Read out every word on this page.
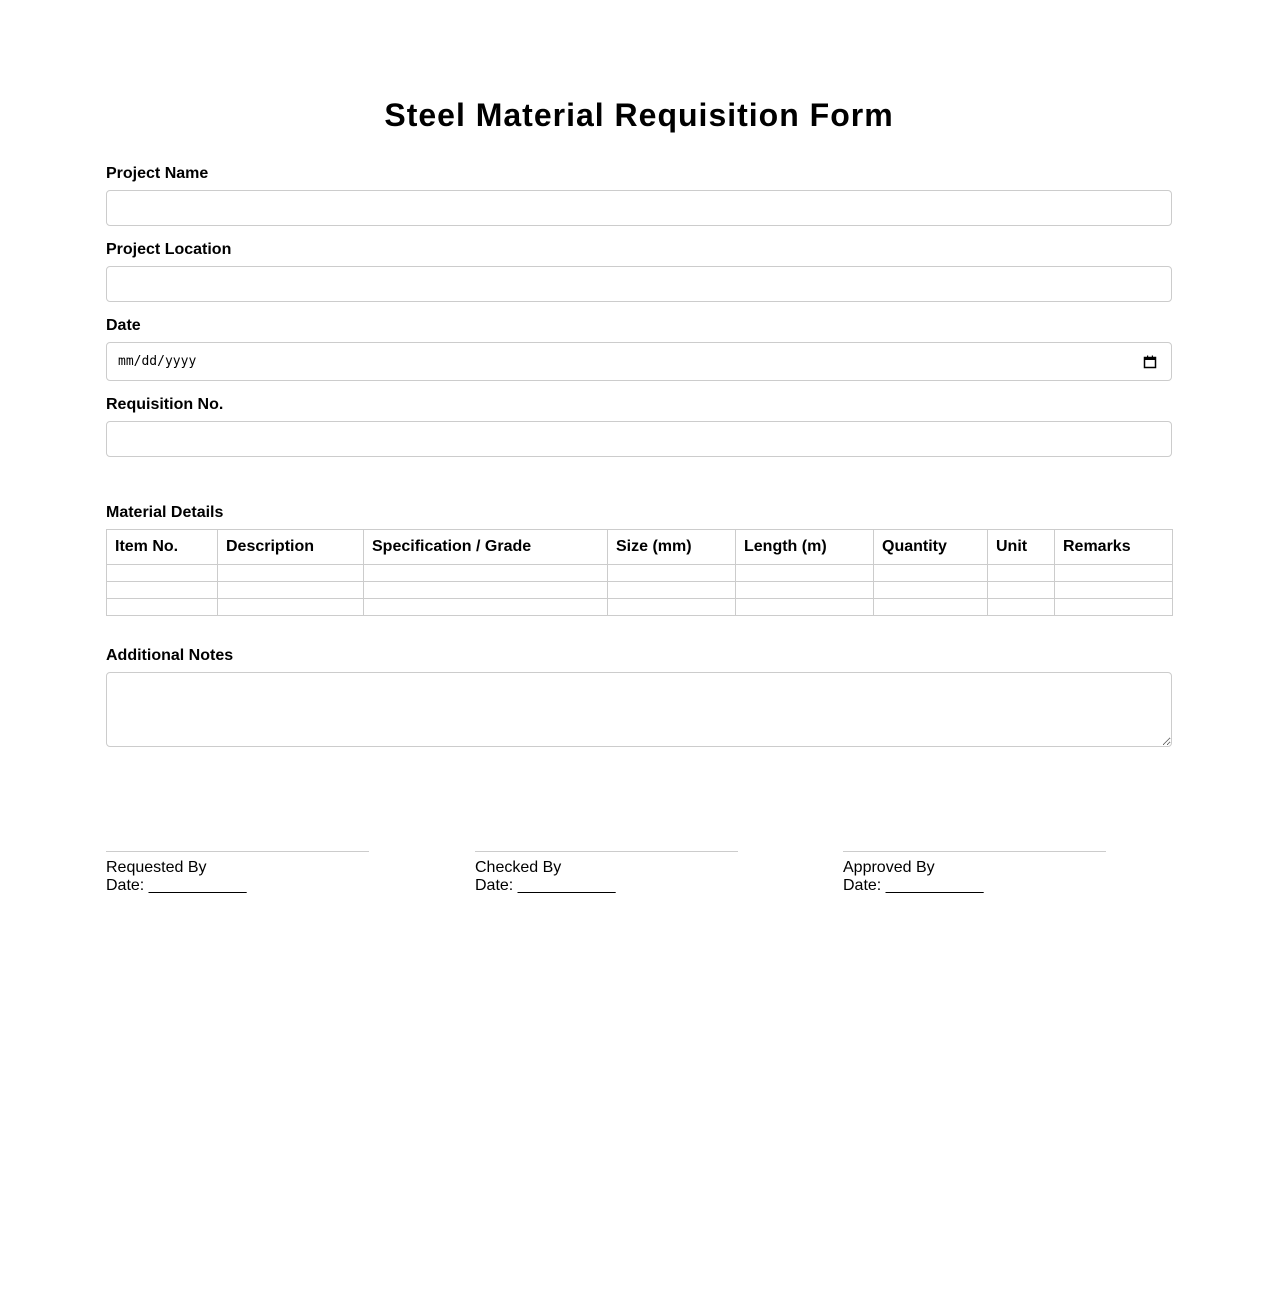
Steel Material Requisition Form
Project Name
Project Location
Date
mm/dd/yyyy
Requisition No.
Material Details
Item No.	Description	Specification / Grade	Size (mm)	Length (m)	Quantity	Unit	Remarks

Additional Notes
Requested By
Date: ___________
Checked By
Date: ___________
Approved By
Date: ___________
